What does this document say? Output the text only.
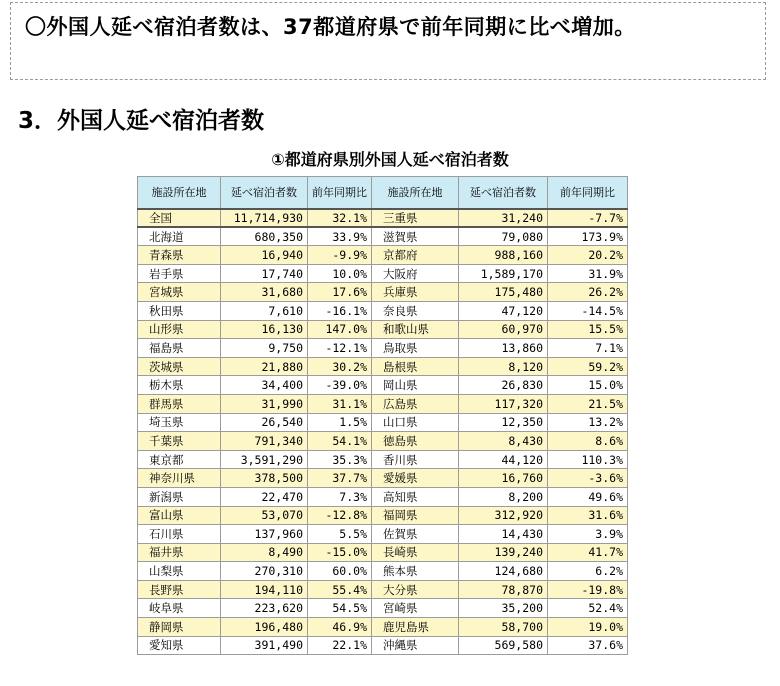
〇外国人延べ宿泊者数は、37都道府県で前年同期に比べ増加。
3．外国人延べ宿泊者数
①都道府県別外国人延べ宿泊者数
施設所在地	延べ宿泊者数	前年同期比	施設所在地	延べ宿泊者数	前年同期比
全国	11,714,930	32.1%	三重県	31,240	-7.7%
北海道	680,350	33.9%	滋賀県	79,080	173.9%
青森県	16,940	-9.9%	京都府	988,160	20.2%
岩手県	17,740	10.0%	大阪府	1,589,170	31.9%
宮城県	31,680	17.6%	兵庫県	175,480	26.2%
秋田県	7,610	-16.1%	奈良県	47,120	-14.5%
山形県	16,130	147.0%	和歌山県	60,970	15.5%
福島県	9,750	-12.1%	鳥取県	13,860	7.1%
茨城県	21,880	30.2%	島根県	8,120	59.2%
栃木県	34,400	-39.0%	岡山県	26,830	15.0%
群馬県	31,990	31.1%	広島県	117,320	21.5%
埼玉県	26,540	1.5%	山口県	12,350	13.2%
千葉県	791,340	54.1%	徳島県	8,430	8.6%
東京都	3,591,290	35.3%	香川県	44,120	110.3%
神奈川県	378,500	37.7%	愛媛県	16,760	-3.6%
新潟県	22,470	7.3%	高知県	8,200	49.6%
富山県	53,070	-12.8%	福岡県	312,920	31.6%
石川県	137,960	5.5%	佐賀県	14,430	3.9%
福井県	8,490	-15.0%	長崎県	139,240	41.7%
山梨県	270,310	60.0%	熊本県	124,680	6.2%
長野県	194,110	55.4%	大分県	78,870	-19.8%
岐阜県	223,620	54.5%	宮崎県	35,200	52.4%
静岡県	196,480	46.9%	鹿児島県	58,700	19.0%
愛知県	391,490	22.1%	沖縄県	569,580	37.6%
